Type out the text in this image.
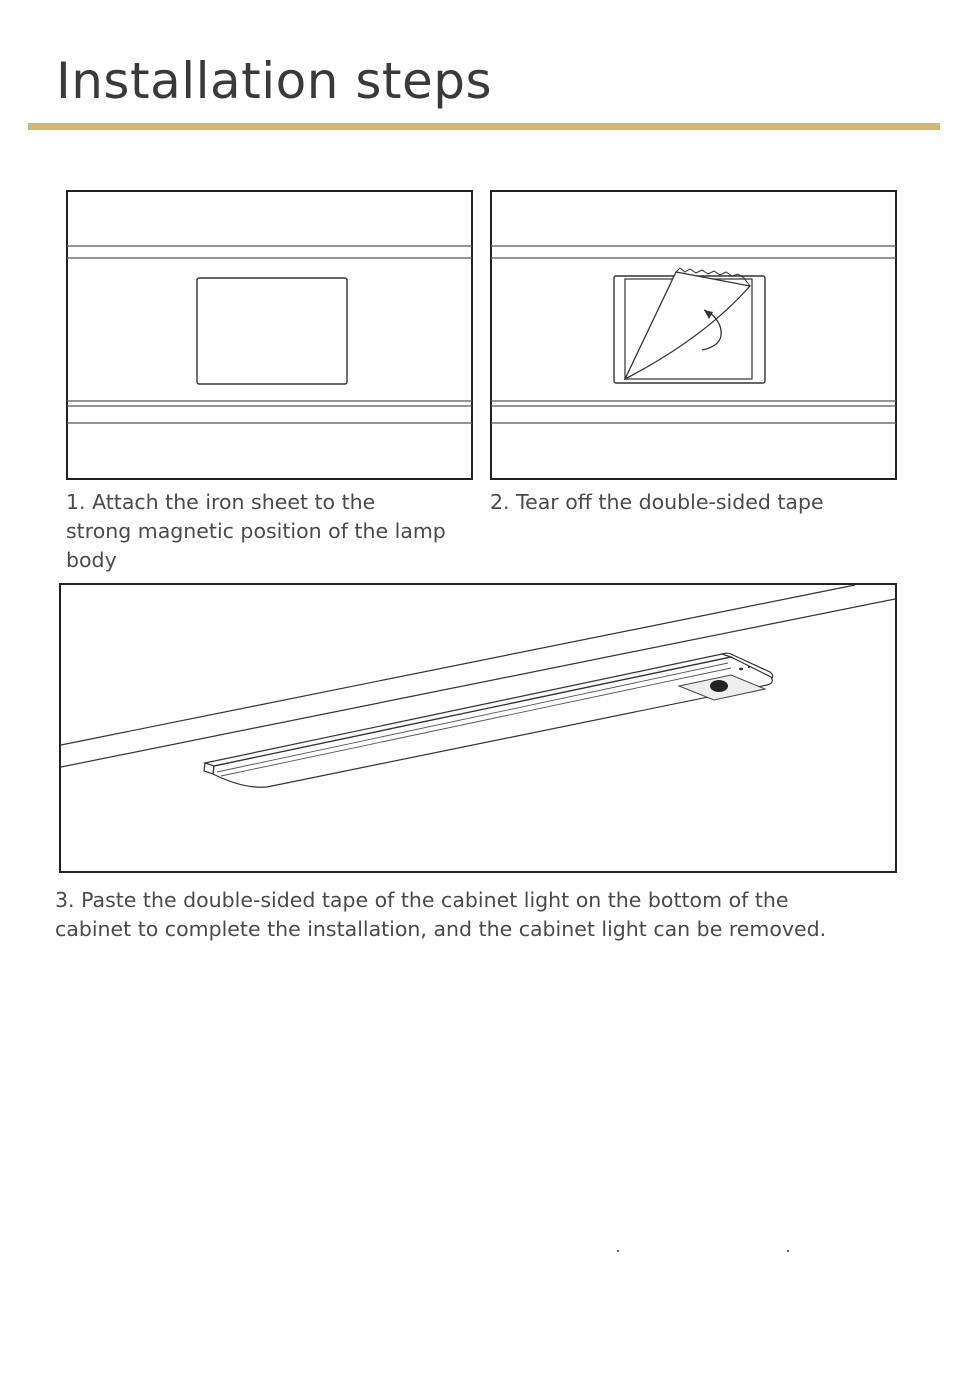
Installation steps

1. Attach the iron sheet to the strong magnetic position of the lamp body

2. Tear off the double-sided tape

3. Paste the double-sided tape of the cabinet light on the bottom of the cabinet to complete the installation, and the cabinet light can be removed.
